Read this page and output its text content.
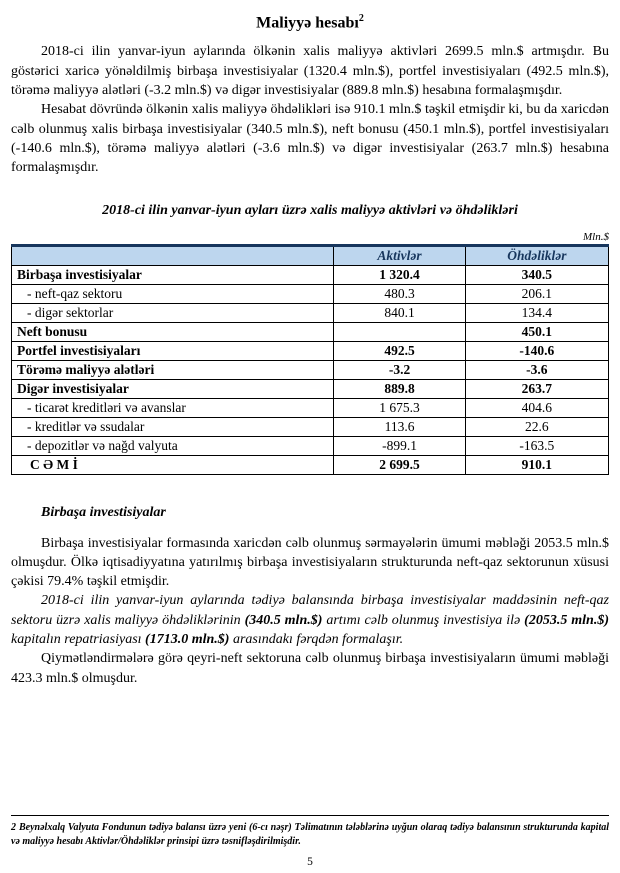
Maliyyə hesabı$^2$

2018-ci ilin yanvar-iyun aylarında ölkənin xalis maliyyə aktivləri 2699.5 mln.$ artmışdır. Bu göstərici xaricə yönəldilmiş birbaşa investisiyalar (1320.4 mln.$), portfel investisiyaları (492.5 mln.$), törəmə maliyyə alətləri (-3.2 mln.$) və digər investisiyalar (889.8 mln.$) hesabına formalaşmışdır.

Hesabat dövründə ölkənin xalis maliyyə öhdəlikləri isə 910.1 mln.$ təşkil etmişdir ki, bu da xaricdən cəlb olunmuş xalis birbaşa investisiyalar (340.5 mln.$), neft bonusu (450.1 mln.$), portfel investisiyaları (-140.6 mln.$), törəmə maliyyə alətləri (-3.6 mln.$) və digər investisiyalar (263.7 mln.$) hesabına formalaşmışdır.

2018-ci ilin yanvar-iyun ayları üzrə xalis maliyyə aktivləri və öhdəlikləri
Mln.$
	Aktivlər	Öhdəliklər
Birbaşa investisiyalar	1 320.4	340.5
- neft-qaz sektoru	480.3	206.1
- digər sektorlar	840.1	134.4
Neft bonusu		450.1
Portfel investisiyaları	492.5	-140.6
Törəmə maliyyə alətləri	-3.2	-3.6
Digər investisiyalar	889.8	263.7
- ticarət kreditləri və avanslar	1 675.3	404.6
- kreditlər və ssudalar	113.6	22.6
- depozitlər və nağd valyuta	-899.1	-163.5
C Ə M İ	2 699.5	910.1
Birbaşa investisiyalar

Birbaşa investisiyalar formasında xaricdən cəlb olunmuş sərmayələrin ümumi məbləği 2053.5 mln.$ olmuşdur. Ölkə iqtisadiyyatına yatırılmış birbaşa investisiyaların strukturunda neft-qaz sektorunun xüsusi çəkisi 79.4% təşkil etmişdir.

2018-ci ilin yanvar-iyun aylarında tədiyə balansında birbaşa investisiyalar maddəsinin neft-qaz sektoru üzrə xalis maliyyə öhdəliklərinin (340.5 mln.$) artımı cəlb olunmuş investisiya ilə (2053.5 mln.$) kapitalın repatriasiyası (1713.0 mln.$) arasındakı fərqdən formalaşır.

Qiymətləndirmələrə görə qeyri-neft sektoruna cəlb olunmuş birbaşa investisiyaların ümumi məbləği 423.3 mln.$ olmuşdur.

2 Beynəlxalq Valyuta Fondunun tədiyə balansı üzrə yeni (6-cı nəşr) Təlimatının tələblərinə uyğun olaraq tədiyə balansının strukturunda kapital və maliyyə hesabı Aktivlər/Öhdəliklər prinsipi üzrə təsnifləşdirilmişdir.
5
